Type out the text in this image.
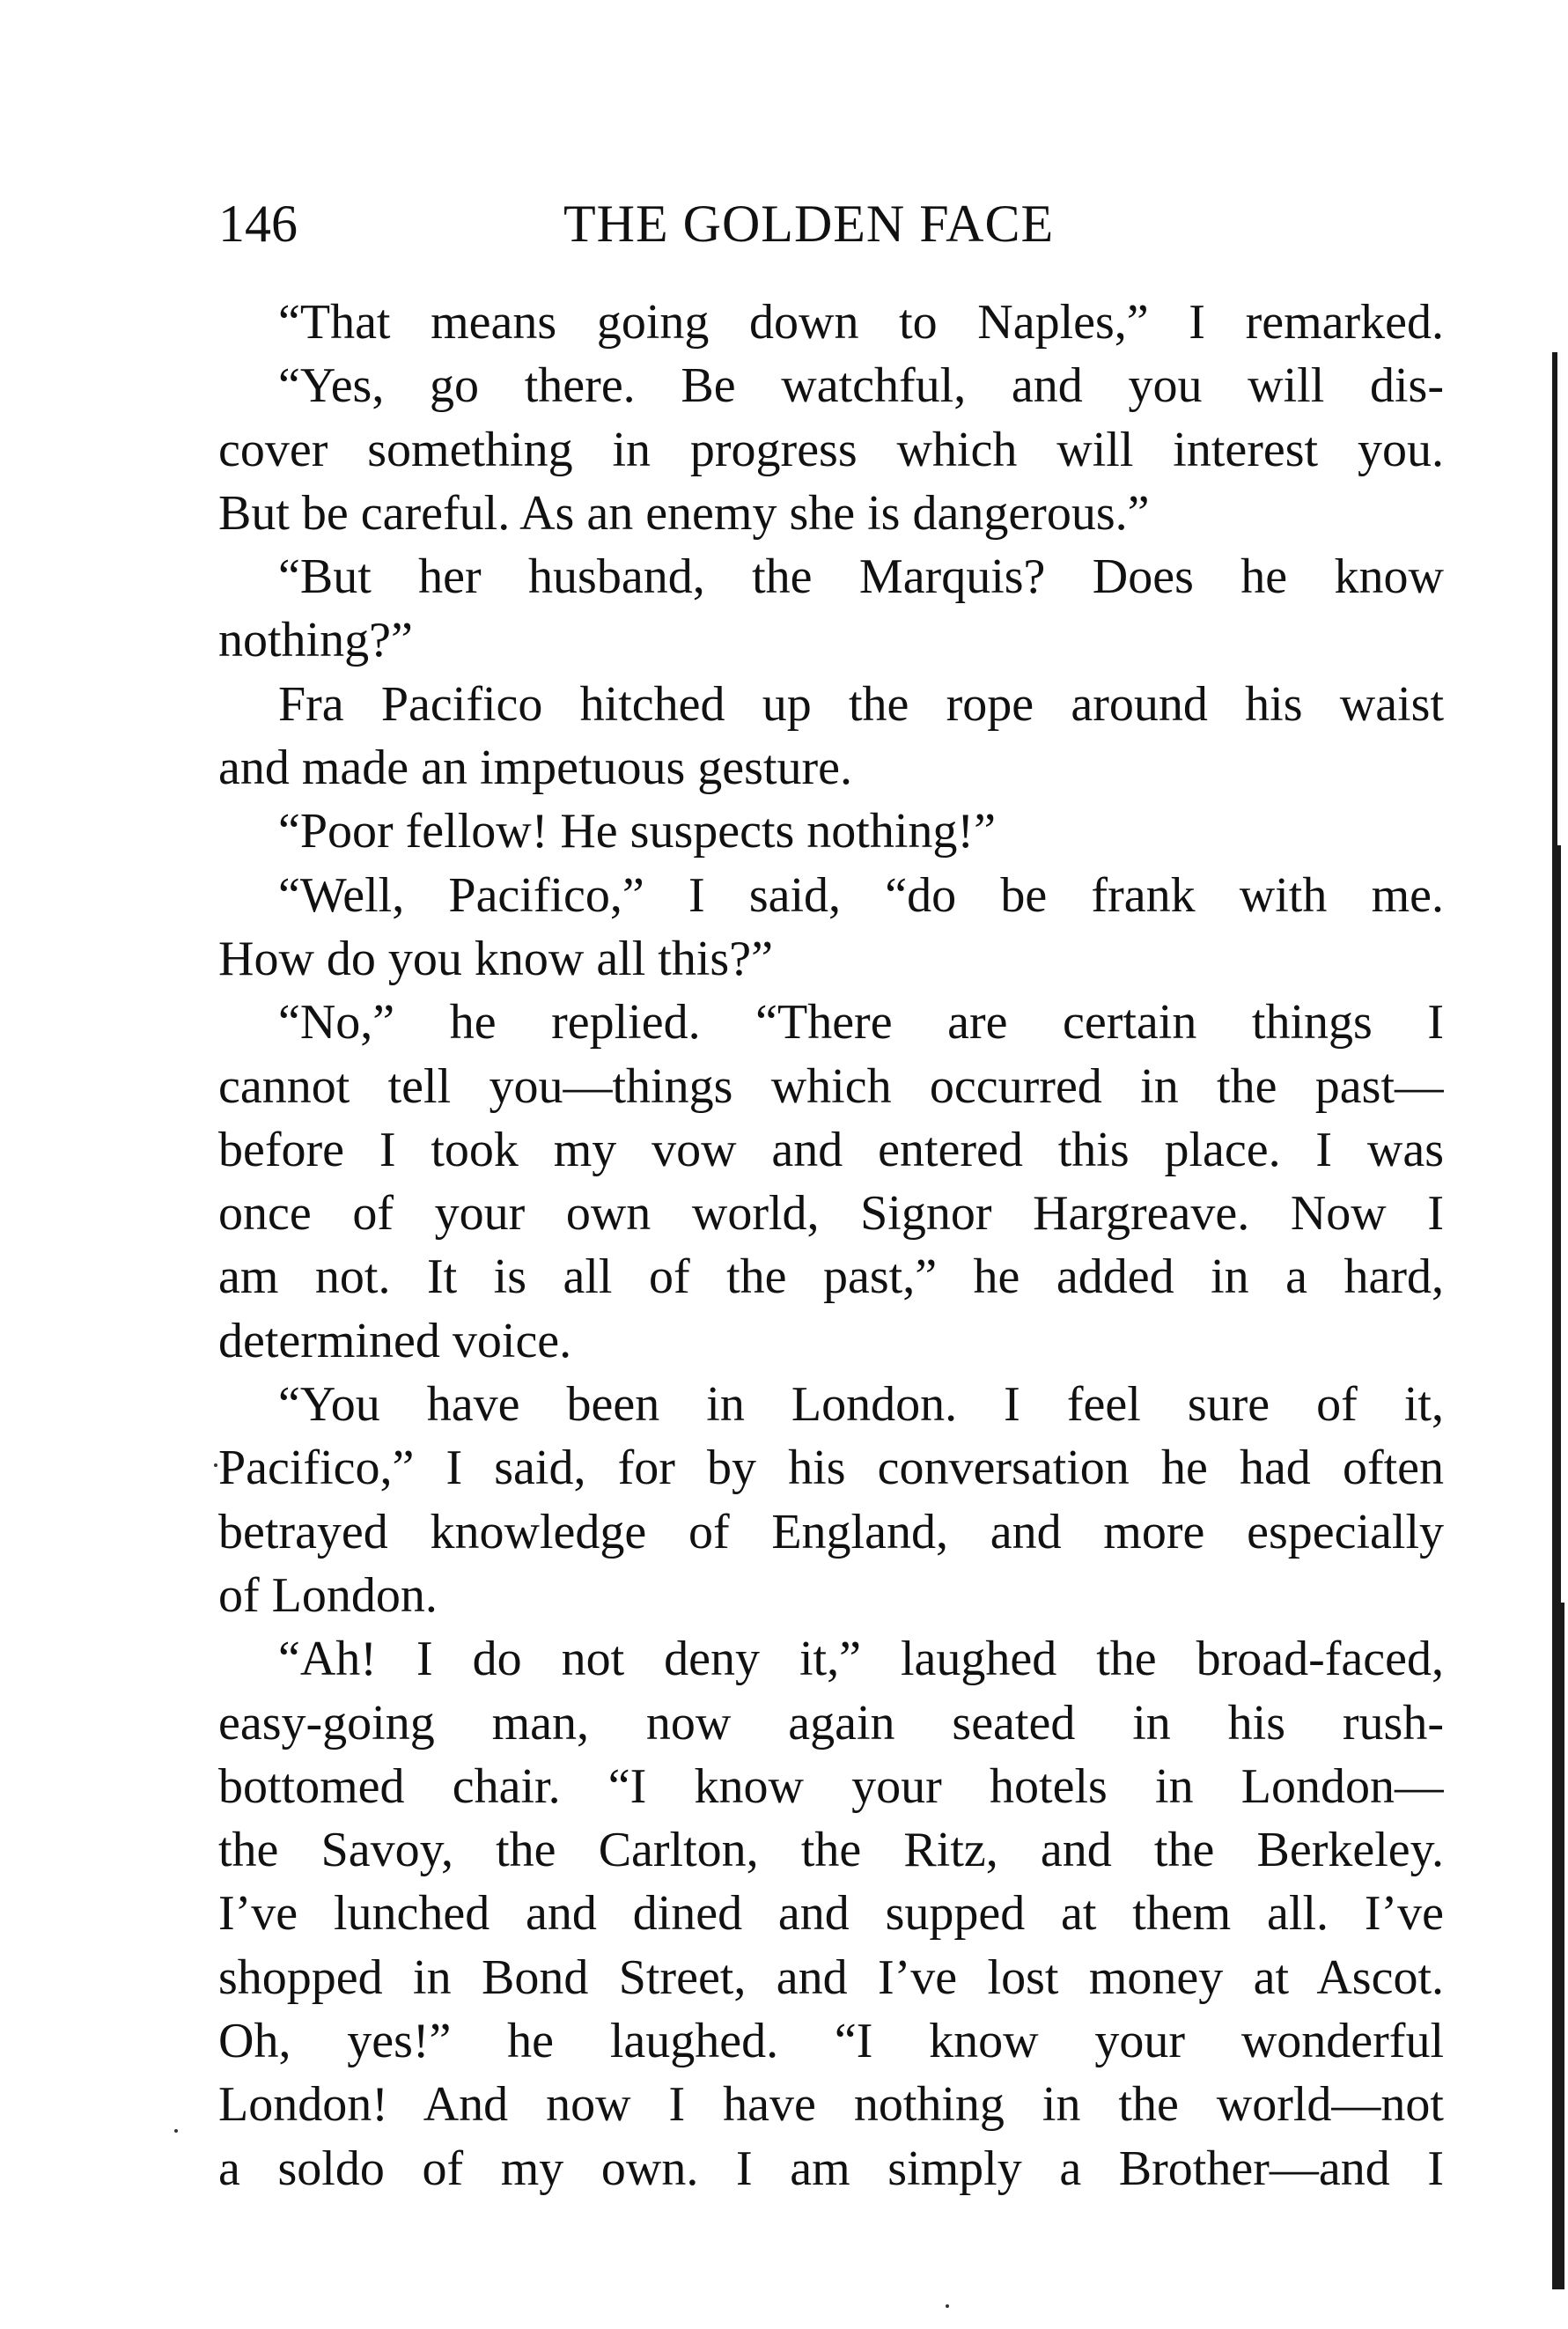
146	THE GOLDEN FACE
“That means going down to Naples,” I remarked.
“Yes, go there. Be watchful, and you will dis-
cover something in progress which will interest you.
But be careful. As an enemy she is dangerous.”
“But her husband, the Marquis? Does he know
nothing?”
Fra Pacifico hitched up the rope around his waist
and made an impetuous gesture.
“Poor fellow! He suspects nothing!”
“Well, Pacifico,” I said, “do be frank with me.
How do you know all this?”
“No,” he replied. “There are certain things I
cannot tell you—things which occurred in the past—
before I took my vow and entered this place. I was
once of your own world, Signor Hargreave. Now I
am not. It is all of the past,” he added in a hard,
determined voice.
“You have been in London. I feel sure of it,
Pacifico,” I said, for by his conversation he had often
betrayed knowledge of England, and more especially
of London.
“Ah! I do not deny it,” laughed the broad-faced,
easy-going man, now again seated in his rush-
bottomed chair. “I know your hotels in London—
the Savoy, the Carlton, the Ritz, and the Berkeley.
I’ve lunched and dined and supped at them all. I’ve
shopped in Bond Street, and I’ve lost money at Ascot.
Oh, yes!” he laughed. “I know your wonderful
London! And now I have nothing in the world—not
a soldo of my own. I am simply a Brother—and I
